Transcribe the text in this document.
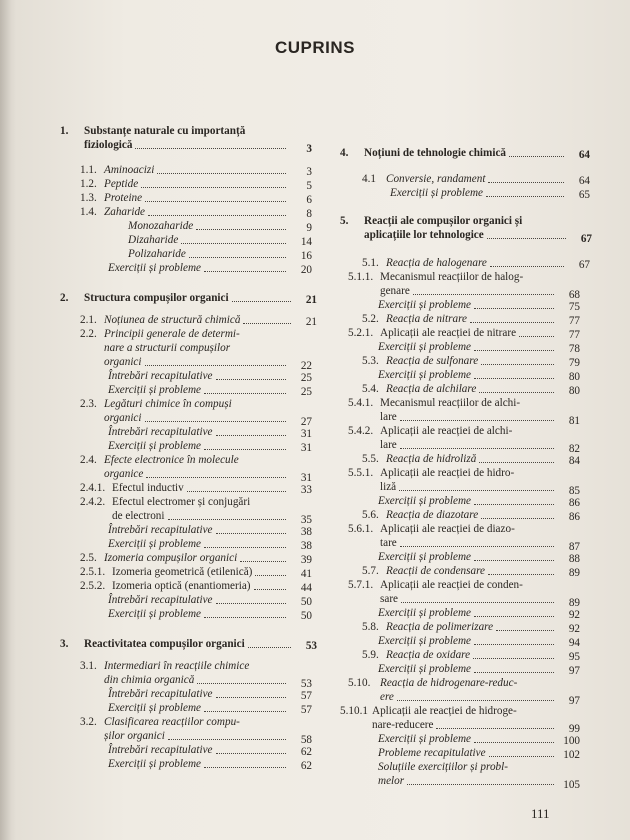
CUPRINS
1. Substanțe naturale cu importanță
fiziologică	3
1.1. Aminoacizi	3
1.2. Peptide	5
1.3. Proteine	6
1.4. Zaharide	8
Monozaharide	9
Dizaharide	14
Polizaharide	16
Exerciții și probleme	20
2. Structura compușilor organici	21
2.1. Noțiunea de structură chimică	21
2.2. Principii generale de determi-
nare a structurii compușilor
organici	22
Întrebări recapitulative	25
Exerciții și probleme	25
2.3. Legături chimice în compuși
organici	27
Întrebări recapitulative	31
Exerciții și probleme	31
2.4. Efecte electronice în molecule
organice	31
2.4.1. Efectul inductiv	33
2.4.2. Efectul electromer și conjugări
de electroni	35
Întrebări recapitulative	38
Exerciții și probleme	38
2.5. Izomeria compușilor organici	39
2.5.1. Izomeria geometrică (etilenică)	41
2.5.2. Izomeria optică (enantiomeria)	44
Întrebări recapitulative	50
Exerciții și probleme	50
3. Reactivitatea compușilor organici	53
3.1. Intermediari în reacțiile chimice
din chimia organică	53
Întrebări recapitulative	57
Exerciții și probleme	57
3.2. Clasificarea reacțiilor compu-
șilor organici	58
Întrebări recapitulative	62
Exerciții și probleme	62
4. Noțiuni de tehnologie chimică	64
4.1 Conversie, randament	64
Exerciții și probleme	65
5. Reacții ale compușilor organici și
aplicațiile lor tehnologice	67
5.1. Reacția de halogenare	67
5.1.1. Mecanismul reacțiilor de halog-
genare	68
Exerciții și probleme	75
5.2. Reacția de nitrare	77
5.2.1. Aplicații ale reacției de nitrare	77
Exerciții și probleme	78
5.3. Reacția de sulfonare	79
Exerciții și probleme	80
5.4. Reacția de alchilare	80
5.4.1. Mecanismul reacțiilor de alchi-
lare	81
5.4.2. Aplicații ale reacției de alchi-
lare	82
5.5. Reacția de hidroliză	84
5.5.1. Aplicații ale reacției de hidro-
liză	85
Exerciții și probleme	86
5.6. Reacția de diazotare	86
5.6.1. Aplicații ale reacției de diazo-
tare	87
Exerciții și probleme	88
5.7. Reacții de condensare	89
5.7.1. Aplicații ale reacției de conden-
sare	89
Exerciții și probleme	92
5.8. Reacția de polimerizare	92
Exerciții și probleme	94
5.9. Reacția de oxidare	95
Exerciții și probleme	97
5.10. Reacția de hidrogenare-reduc-
ere	97
5.10.1 Aplicații ale reacției de hidroge-
nare-reducere	99
Exerciții și probleme	100
Probleme recapitulative	102
Soluțiile exercițiilor și probl-
melor	105
111
